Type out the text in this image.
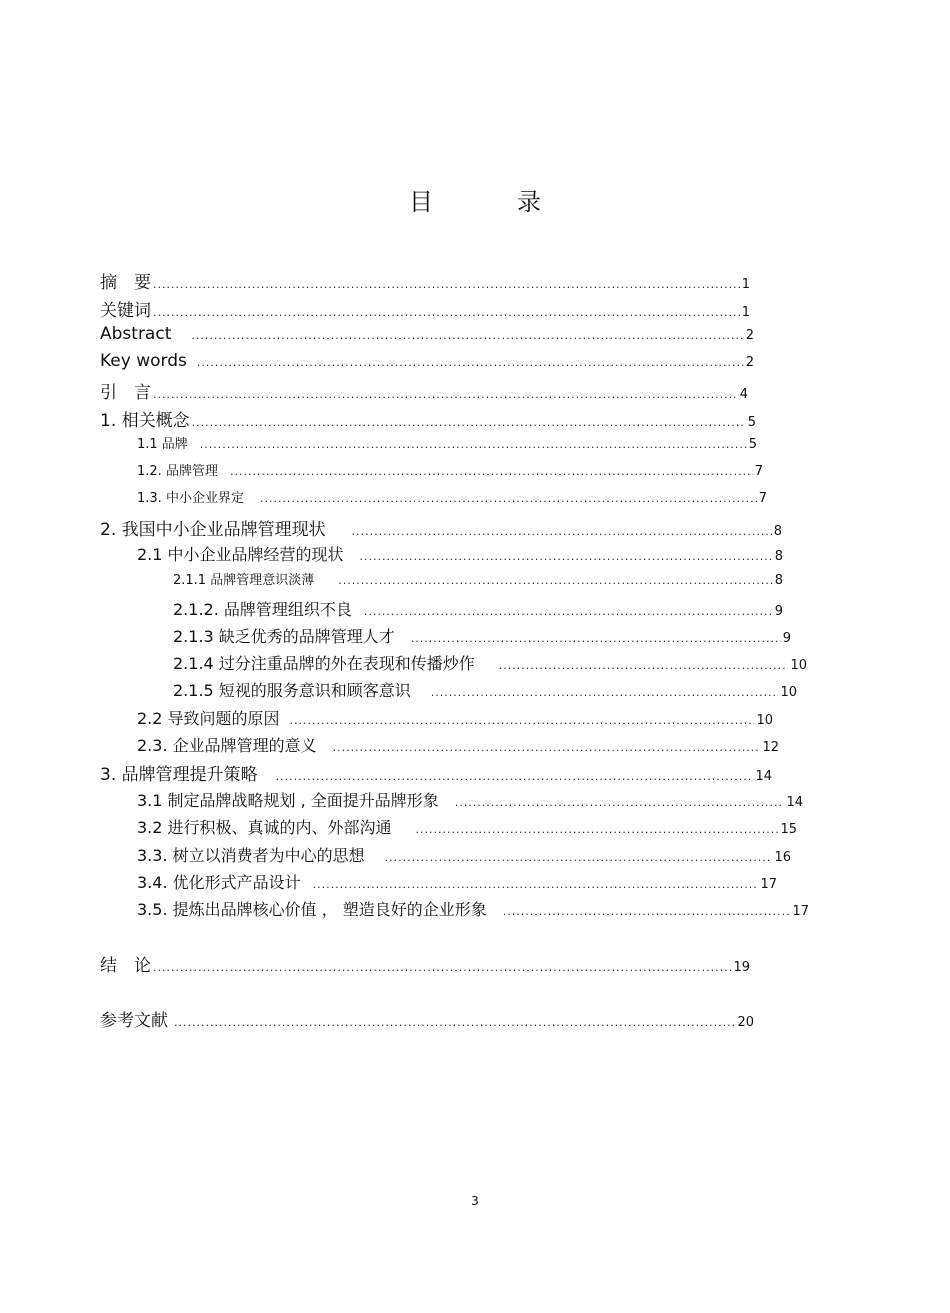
目　录
摘　要 .....	1
关键词 .....	1
Abstract .....	2
Key words .....	2
引　言 .....	4
1. 相关概念 .....	5
1.1 品牌 .....	5
1.2. 品牌管理 .....	7
1.3. 中小企业界定 .....	7
2. 我国中小企业品牌管理现状 .....	8
2.1 中小企业品牌经营的现状 .....	8
2.1.1 品牌管理意识淡薄 .....	8
2.1.2. 品牌管理组织不良 .....	9
2.1.3 缺乏优秀的品牌管理人才 .....	9
2.1.4 过分注重品牌的外在表现和传播炒作 .....	10
2.1.5 短视的服务意识和顾客意识 .....	10
2.2 导致问题的原因 .....	10
2.3. 企业品牌管理的意义 .....	12
3. 品牌管理提升策略 .....	14
3.1 制定品牌战略规划 , 全面提升品牌形象 .....	14
3.2 进行积极、真诚的内、外部沟通 .....	15
3.3. 树立以消费者为中心的思想 .....	16
3.4. 优化形式产品设计 .....	17
3.5. 提炼出品牌核心价值 ， 塑造良好的企业形象 .....	17
结　论 .....	19
参考文献 .....	20
3
